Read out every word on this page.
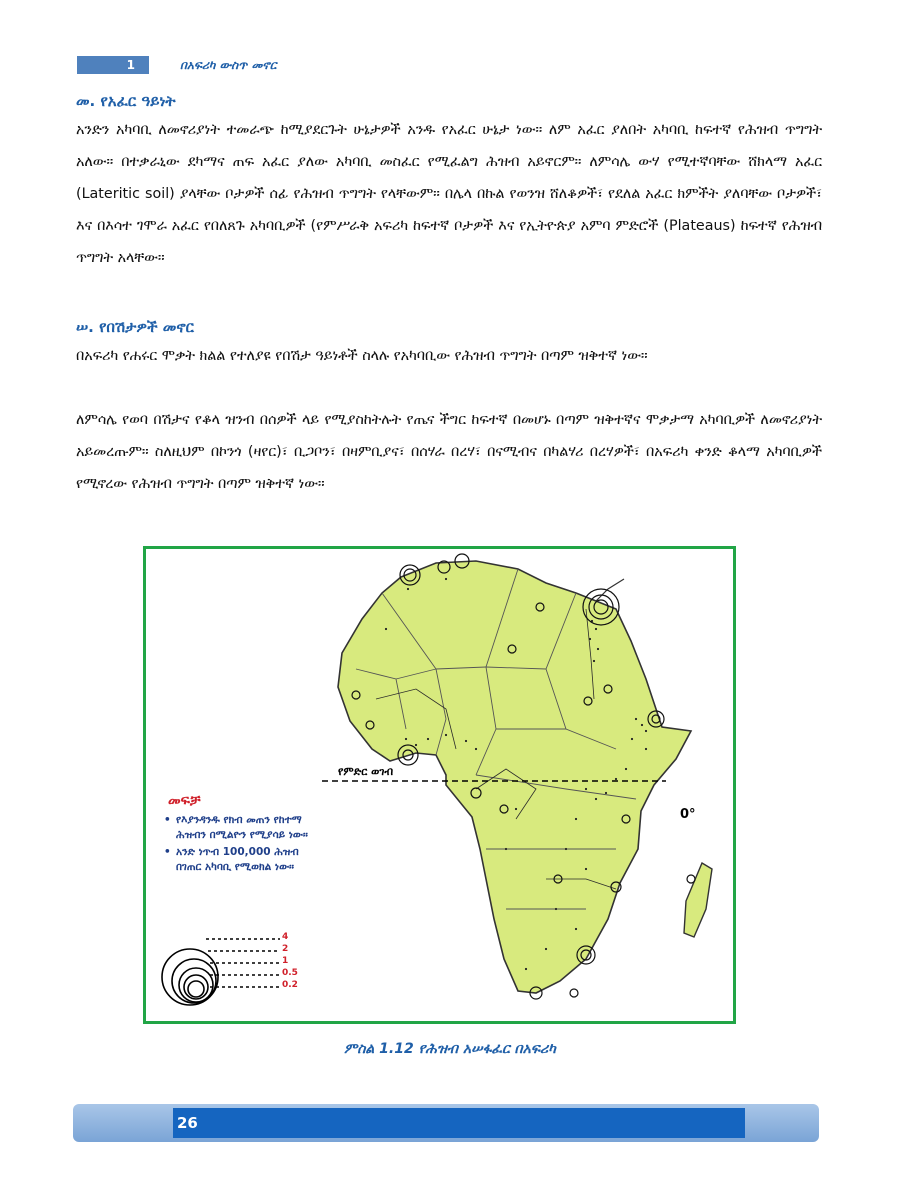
1	በአፍሪካ ውስጥ መኖር
መ. የአፈር ዓይነት
አንድን አካባቢ ለመኖሪያነት ተመራጭ ከሚያደርጉት ሁኔታዎች አንዱ የአፈር ሁኔታ ነው። ለም አፈር ያለበት አካባቢ ከፍተኛ የሕዝብ ጥግግት አለው። በተቃራኒው ደካማና ጠፍ አፈር ያለው አካባቢ መስፈር የሚፈልግ ሕዝብ አይኖርም። ለምሳሌ ውሃ የሚተኛባቸው ሸክላማ አፈር (Lateritic soil) ያላቸው ቦታዎች ሰፊ የሕዝብ ጥግግት የላቸውም። በሌላ በኩል የወንዝ ሸለቆዎች፣ የደለል አፈር ክምችት ያለባቸው ቦታዎች፣ እና በእሳተ ገሞራ አፈር የበለጸጉ አካባቢዎች (የምሥራቅ አፍሪካ ከፍተኛ ቦታዎች እና የኢትዮጵያ አምባ ምድሮች (Plateaus) ከፍተኛ የሕዝብ ጥግግት አላቸው።
ሠ. የበሽታዎች መኖር
በአፍሪካ የሐሩር ሞቃት ክልል የተለያዩ የበሽታ ዓይነቶች ስላሉ የአካባቢው የሕዝብ ጥግግት በጣም ዝቅተኛ ነው።
ለምሳሌ የወባ በሽታና የቆላ ዝንብ በሰዎች ላይ የሚያስከትሉት የጤና ችግር ከፍተኛ በመሆኑ በጣም ዝቅተኛና ሞቃታማ አካባቢዎች ለመኖሪያነት አይመረጡም። ስለዚህም በኮንጎ (ዛየር)፣ ቢጋቦን፣ በዛምቢያና፣ በሰሃራ በረሃ፣ በናሚብና በካልሃሪ በረሃዎች፣ በአፍሪካ ቀንድ ቆላማ አካባቢዎች የሚኖረው የሕዝብ ጥግግት በጣም ዝቅተኛ ነው።
የምድር ወገብ
0°
መፍቻ
• የእያንዳንዱ የክብ መጠን የከተማ ሕዝብን በሚልዮን የሚያሳይ ነው።
• አንድ ነጥብ 100,000 ሕዝብ በገጠር አካባቢ የሚወክል ነው።
4
2
1
0.5
0.2
ምስል 1.12 የሕዝብ አሠፋፈር በአፍሪካ
26
